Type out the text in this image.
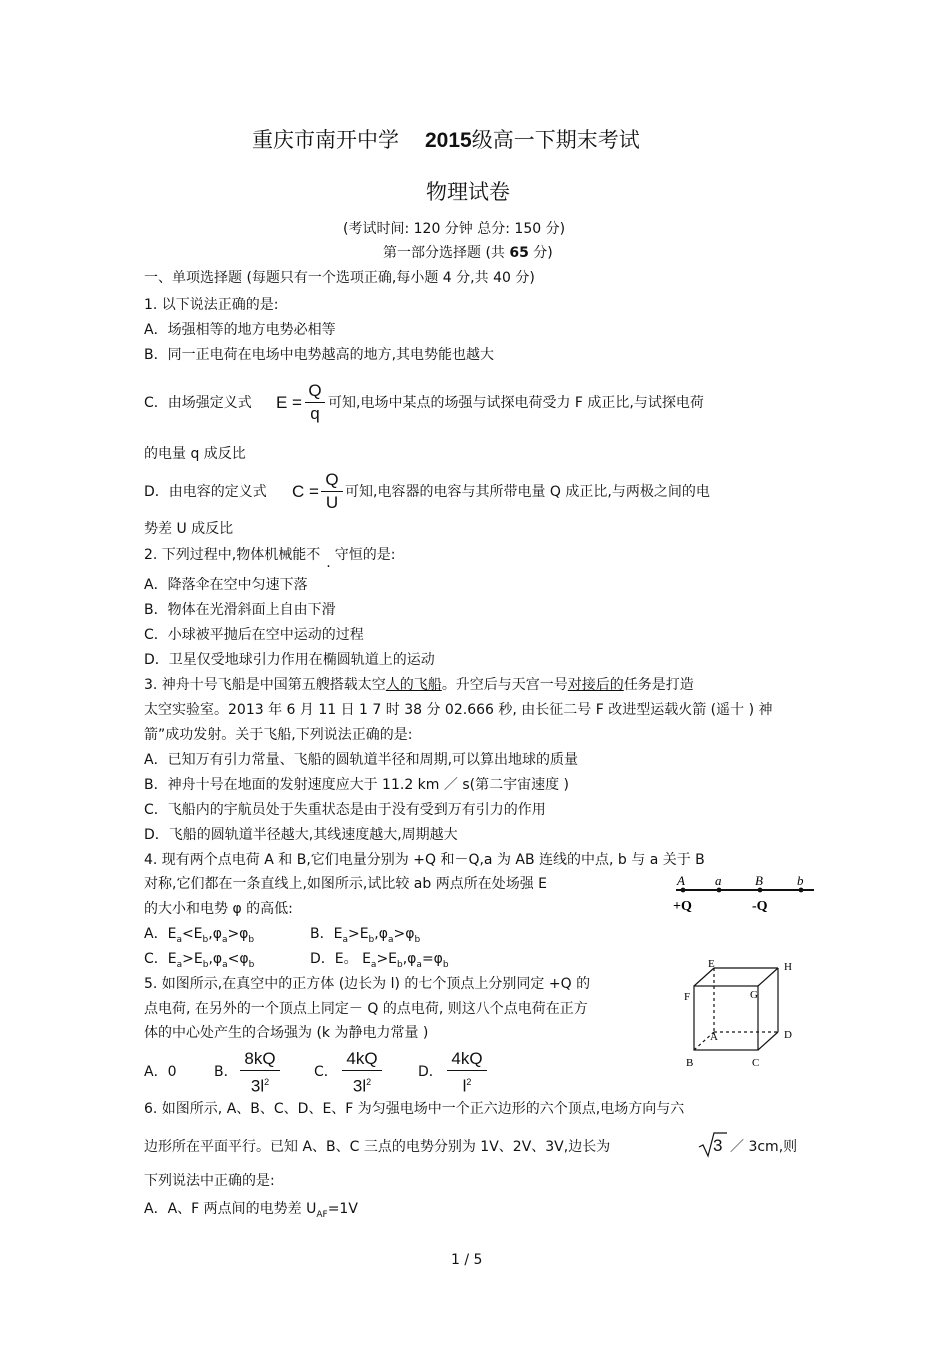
重庆市南开中学 2015级高一下期末考试
物理试卷
(考试时间: 120 分钟 总分: 150 分)
第一部分选择题 (共 65 分)
一、单项选择题 (每题只有一个选项正确,每小题 4 分,共 40 分)
1. 以下说法正确的是:
A．场强相等的地方电势必相等
B．同一正电荷在电场中电势越高的地方,其电势能也越大
C．由场强定义式 E =
Q
q
可知,电场中某点的场强与试探电荷受力 F 成正比,与试探电荷
的电量 q 成反比
D．由电容的定义式 C =
Q
U
可知,电容器的电容与其所带电量 Q 成正比,与两极之间的电
势差 U 成反比
2. 下列过程中,物体机械能不 . 守恒的是:
A．降落伞在空中匀速下落
B．物体在光滑斜面上自由下滑
C．小球被平抛后在空中运动的过程
D．卫星仅受地球引力作用在椭圆轨道上的运动
3. 神舟十号飞船是中国第五艘搭载太空人的飞船。升空后与天宫一号对接后的任务是打造
太空实验室。2013 年 6 月 11 日 1 7 时 38 分 02.666 秒, 由长征二号 F 改进型运载火箭 (遥十 ) 神
箭”成功发射。关于飞船,下列说法正确的是:
A．已知万有引力常量、飞船的圆轨道半径和周期,可以算出地球的质量
B．神舟十号在地面的发射速度应大于 11.2 km ／ s(第二宇宙速度 )
C．飞船内的宇航员处于失重状态是由于没有受到万有引力的作用
D．飞船的圆轨道半径越大,其线速度越大,周期越大
4. 现有两个点电荷 A 和 B,它们电量分别为 +Q 和－Q,a 为 AB 连线的中点, b 与 a 关于 B
对称,它们都在一条直线上,如图所示,试比较 ab 两点所在处场强 E
的大小和电势 φ 的高低:
A a	B	b
+Q	-Q
A．$E_a<E_b,\varphi_a>\varphi_b$	B．$E_a>E_b,\varphi_a>\varphi_b$
C．$E_a>E_b,\varphi_a<\varphi_b$	D．E。 $E_a>E_b,\varphi_a=\varphi_b$
5. 如图所示,在真空中的正方体 (边长为 l) 的七个顶点上分别同定 +Q 的
点电荷, 在另外的一个顶点上同定－ Q 的点电荷, 则这八个点电荷在正方
体的中心处产生的合场强为 (k 为静电力常量 )
E	H
F	G
A	D
B	C
A．0	B．
8kQ
$3l^2$
C．
4kQ
$3l^2$
D．
4kQ
$l^2$
6. 如图所示, A、B、C、D、E、F 为匀强电场中一个正六边形的六个顶点,电场方向与六
边形所在平面平行。已知 A、B、C 三点的电势分别为 1V、2V、3V,边长为	3 ／ 3cm,则
下列说法中正确的是:
A．A、F 两点间的电势差 $U_{AF}=1V$
1 / 5
